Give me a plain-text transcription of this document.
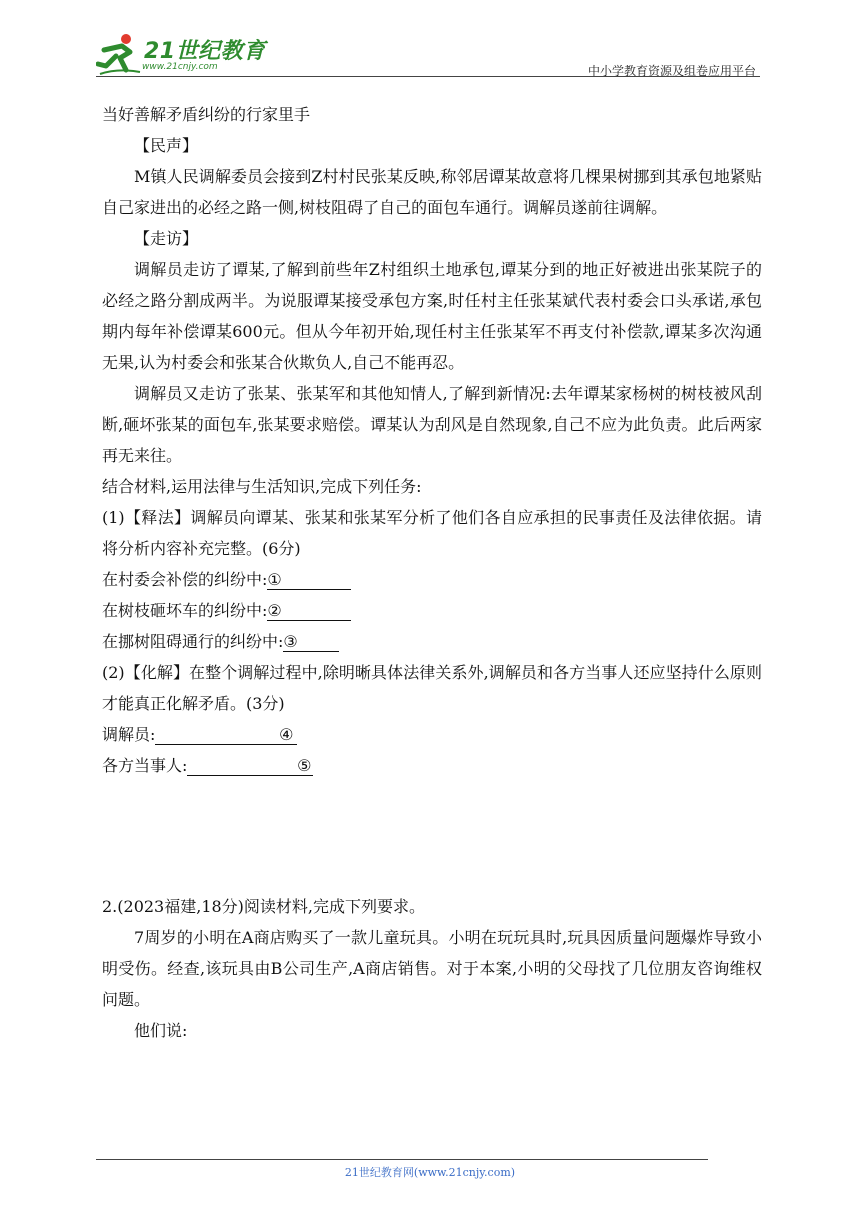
21世纪教育
www.21cnjy.com	中小学教育资源及组卷应用平台

当好善解矛盾纠纷的行家里手

【民声】

M镇人民调解委员会接到Z村村民张某反映,称邻居谭某故意将几棵果树挪到其承包地紧贴自己家进出的必经之路一侧,树枝阻碍了自己的面包车通行。调解员遂前往调解。

【走访】

调解员走访了谭某,了解到前些年Z村组织土地承包,谭某分到的地正好被进出张某院子的必经之路分割成两半。为说服谭某接受承包方案,时任村主任张某斌代表村委会口头承诺,承包期内每年补偿谭某600元。但从今年初开始,现任村主任张某军不再支付补偿款,谭某多次沟通无果,认为村委会和张某合伙欺负人,自己不能再忍。

调解员又走访了张某、张某军和其他知情人,了解到新情况:去年谭某家杨树的树枝被风刮断,砸坏张某的面包车,张某要求赔偿。谭某认为刮风是自然现象,自己不应为此负责。此后两家再无来往。

结合材料,运用法律与生活知识,完成下列任务:

(1)【释法】调解员向谭某、张某和张某军分析了他们各自应承担的民事责任及法律依据。请将分析内容补充完整。(6分)

在村委会补偿的纠纷中:①

在树枝砸坏车的纠纷中:②

在挪树阻碍通行的纠纷中:③

(2)【化解】在整个调解过程中,除明晰具体法律关系外,调解员和各方当事人还应坚持什么原则才能真正化解矛盾。(3分)

调解员:	④

各方当事人:	⑤

2.(2023福建,18分)阅读材料,完成下列要求。

7周岁的小明在A商店购买了一款儿童玩具。小明在玩玩具时,玩具因质量问题爆炸导致小明受伤。经查,该玩具由B公司生产,A商店销售。对于本案,小明的父母找了几位朋友咨询维权问题。

他们说:

21世纪教育网(www.21cnjy.com)
